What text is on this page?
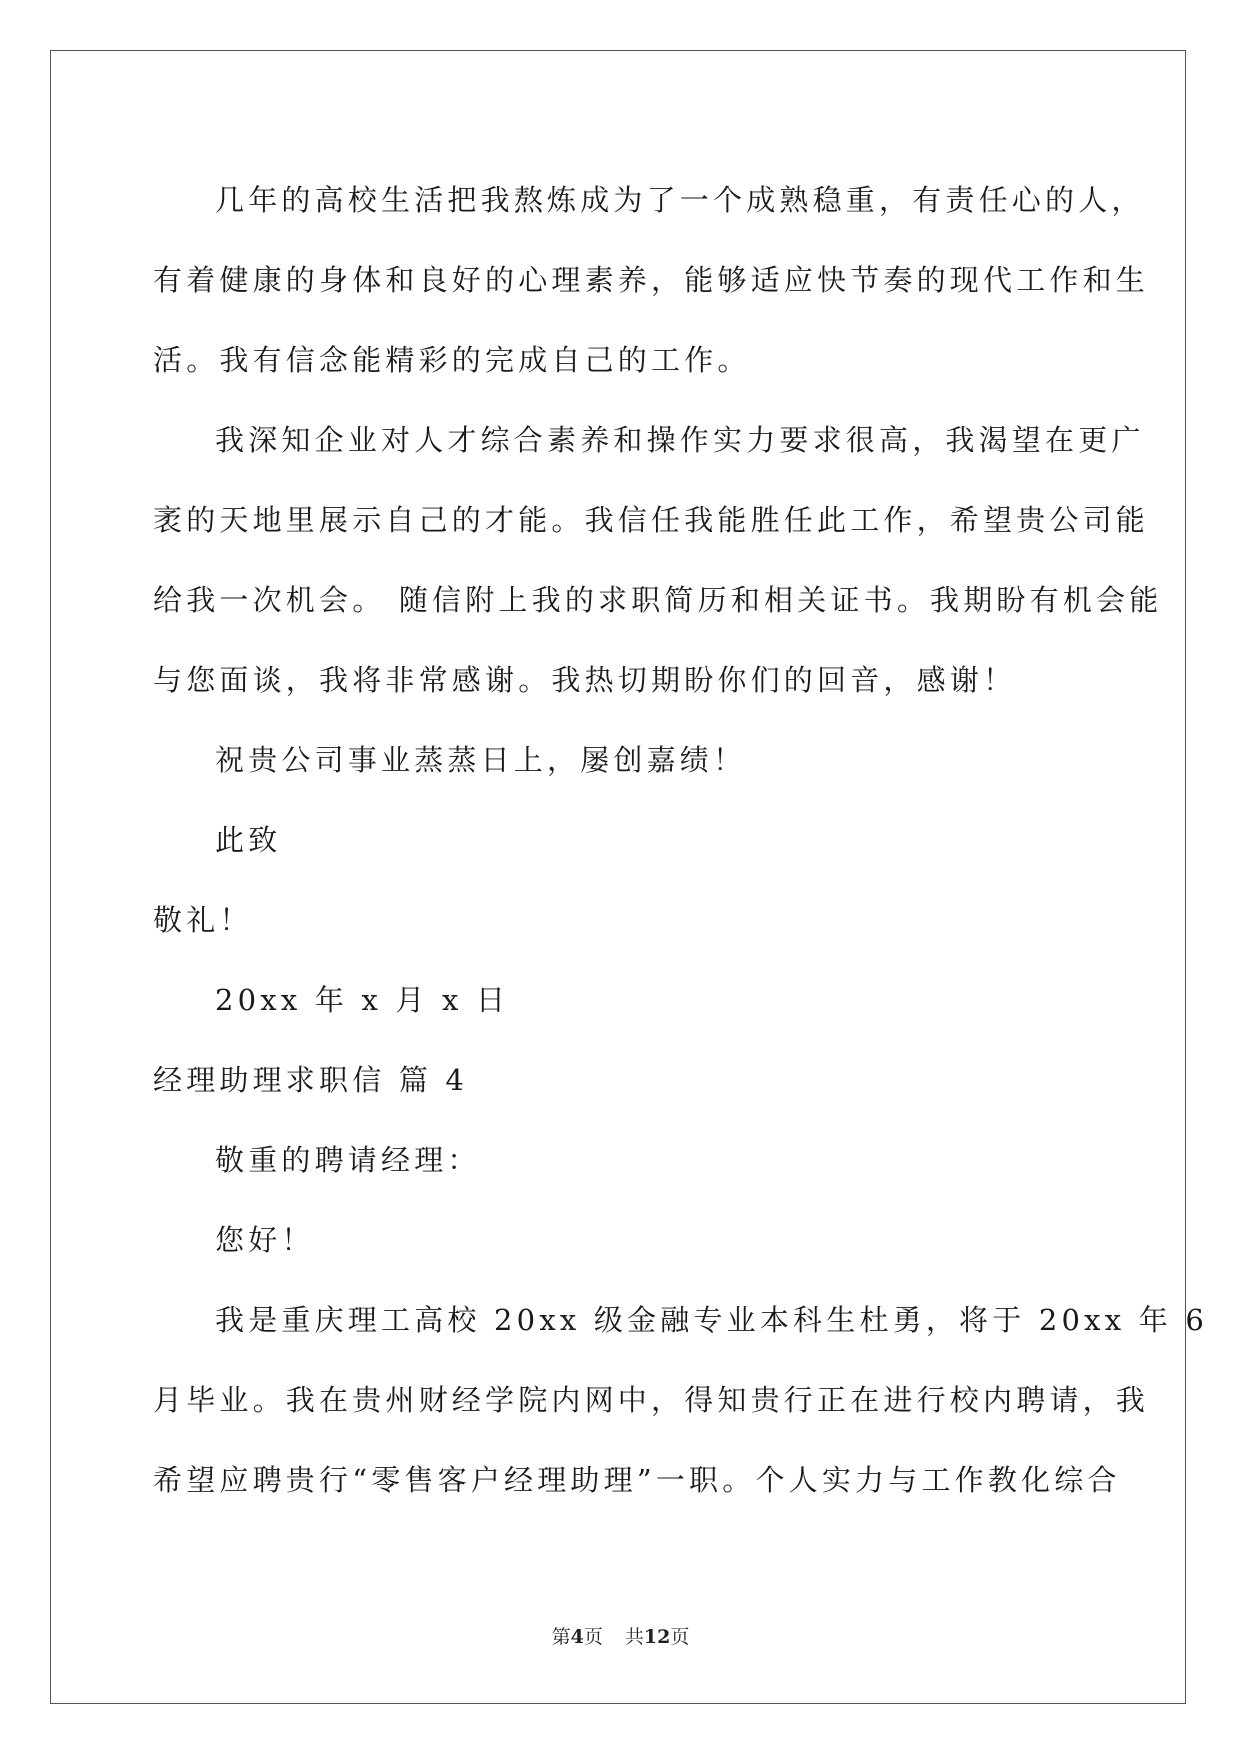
几年的高校生活把我熬炼成为了一个成熟稳重，有责任心的人，
有着健康的身体和良好的心理素养，能够适应快节奏的现代工作和生
活。我有信念能精彩的完成自己的工作。
我深知企业对人才综合素养和操作实力要求很高，我渴望在更广
袤的天地里展示自己的才能。我信任我能胜任此工作，希望贵公司能
给我一次机会。 随信附上我的求职简历和相关证书。我期盼有机会能
与您面谈，我将非常感谢。我热切期盼你们的回音，感谢！
祝贵公司事业蒸蒸日上，屡创嘉绩！
此致
敬礼！
20xx 年 x 月 x 日
经理助理求职信 篇 4
敬重的聘请经理：
您好！
我是重庆理工高校 20xx 级金融专业本科生杜勇，将于 20xx 年 6
月毕业。我在贵州财经学院内网中，得知贵行正在进行校内聘请，我
希望应聘贵行“零售客户经理助理”一职。个人实力与工作教化综合
第4页 共12页
